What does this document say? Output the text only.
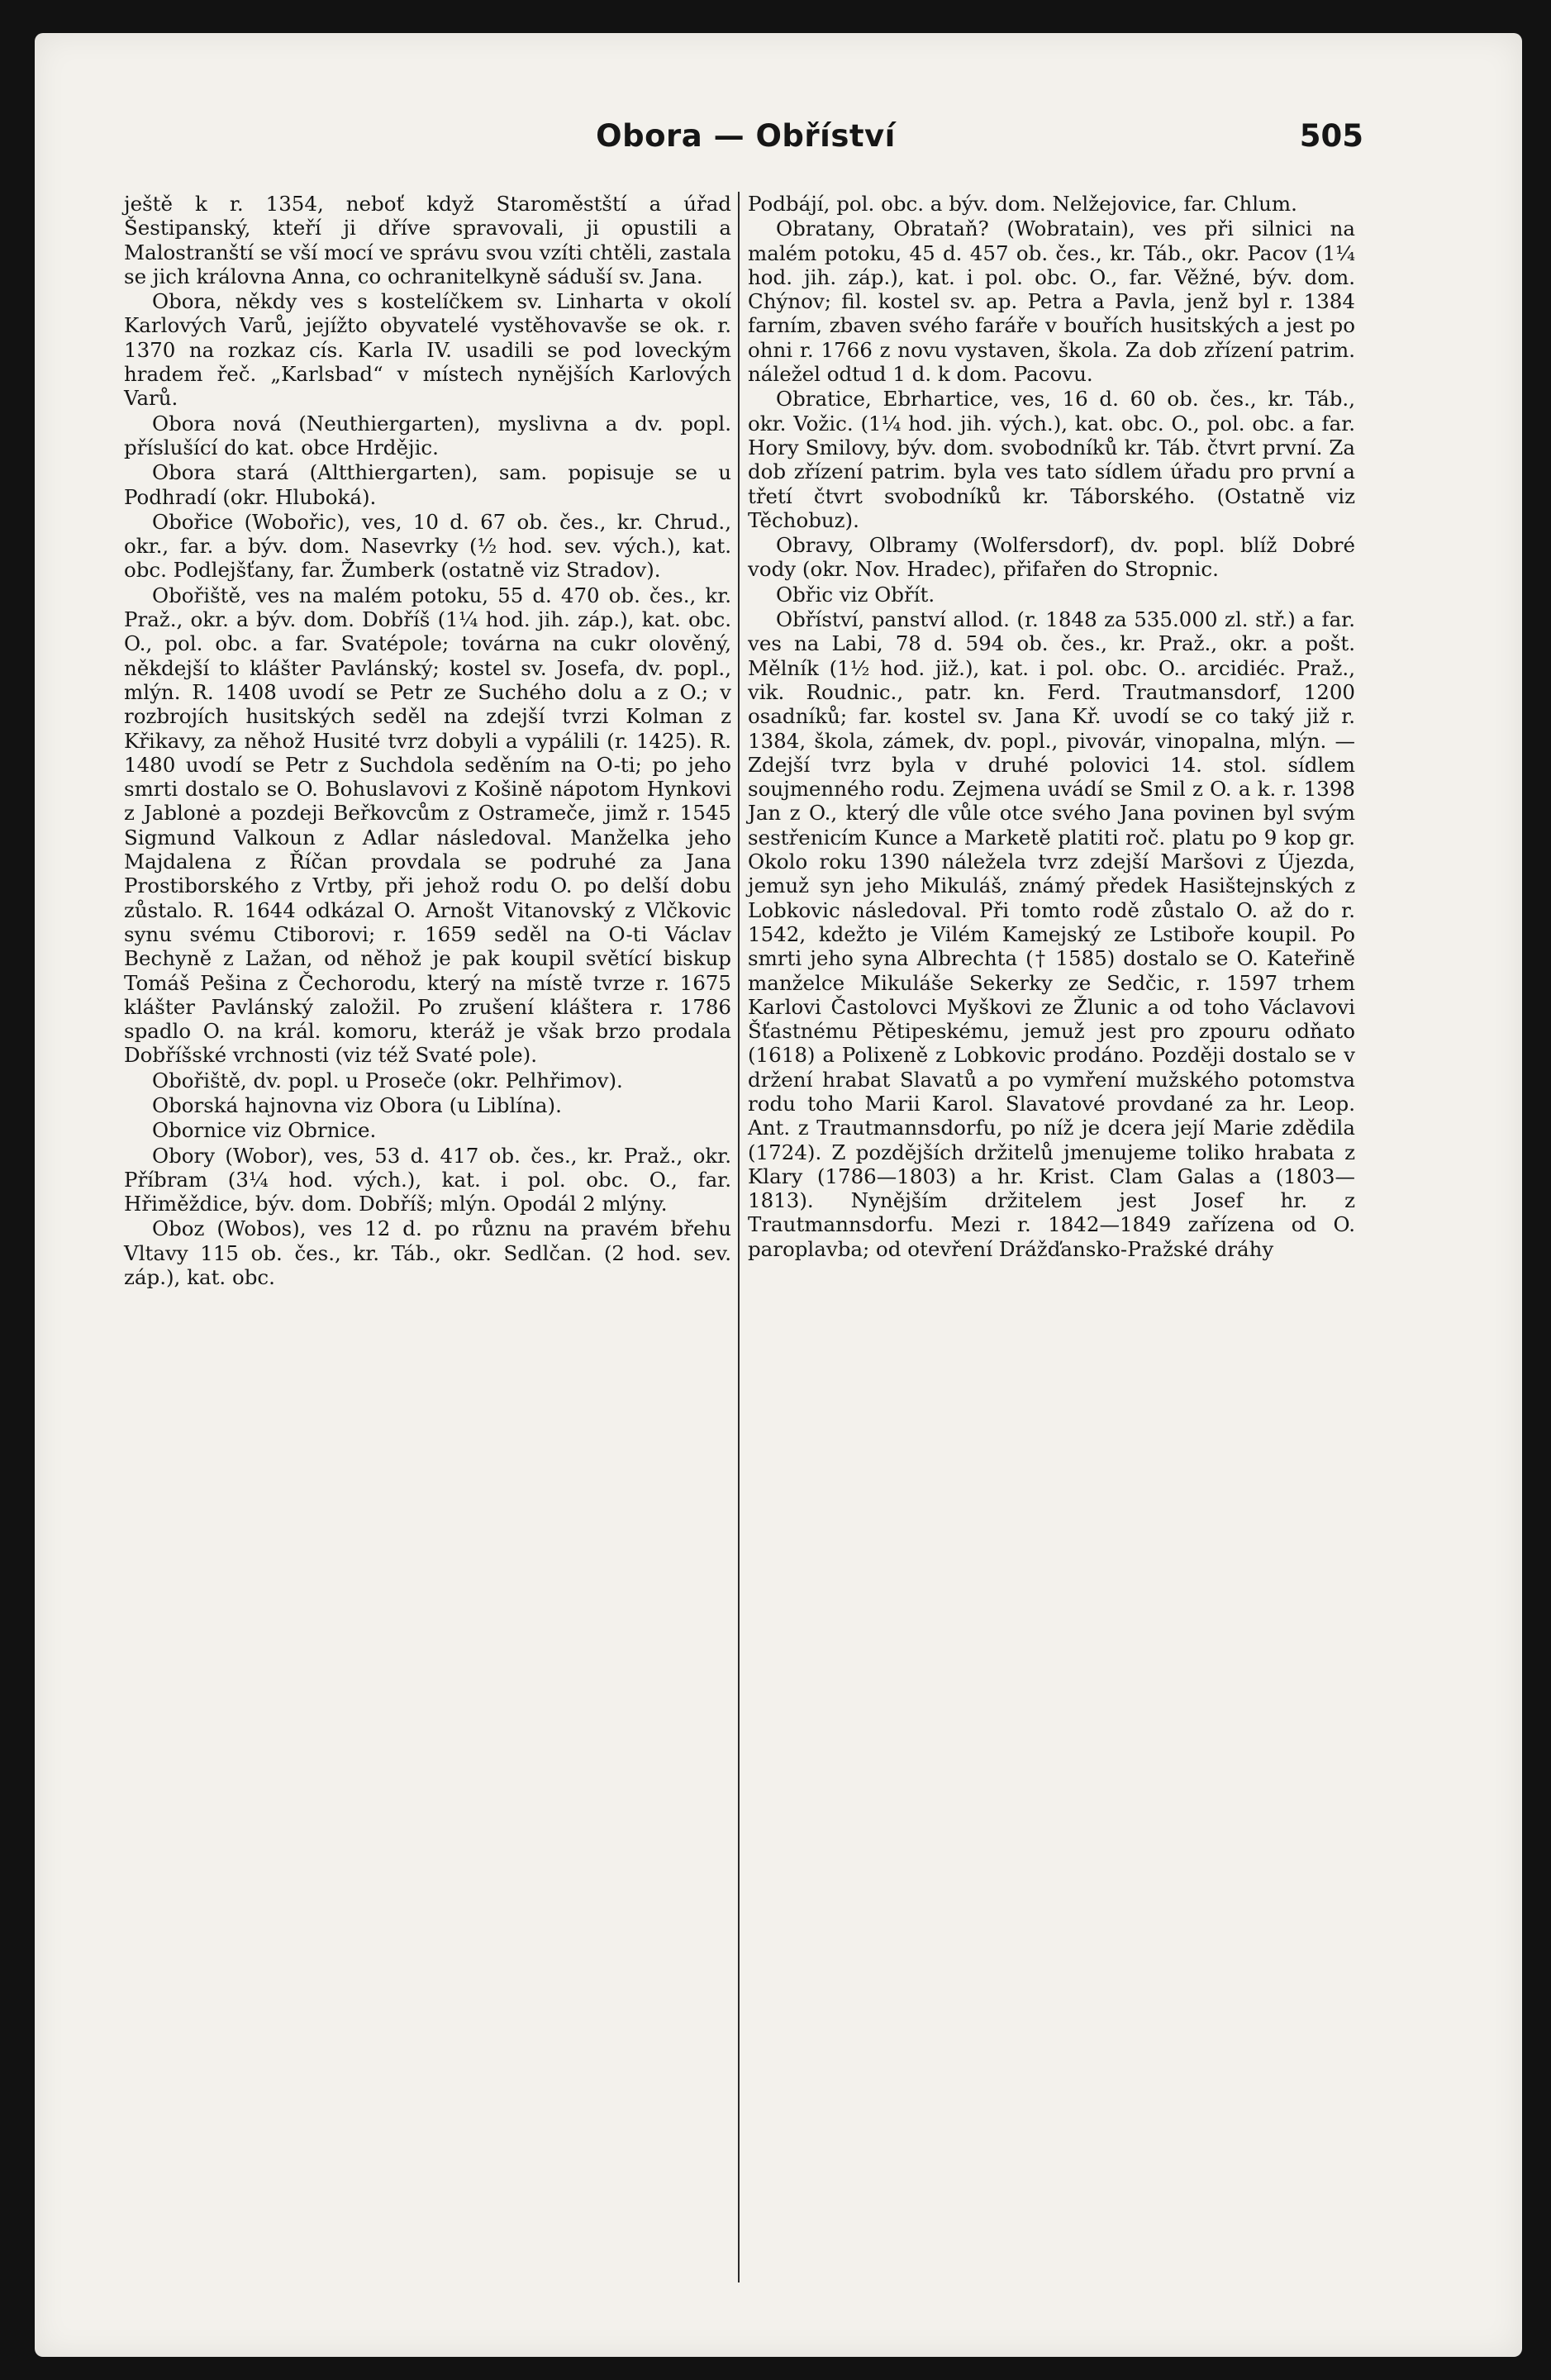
Obora — Obříství	505

ještě k r. 1354, neboť když Staroměstští a úřad Šestipanský, kteří ji dříve spravovali, ji opustili a Malostranští se vší mocí ve správu svou vzíti chtěli, zastala se jich královna Anna, co ochranitelkyně sáduší sv. Jana.

Obora, někdy ves s kostelíčkem sv. Linharta v okolí Karlových Varů, jejížto obyvatelé vystěhovavše se ok. r. 1370 na rozkaz cís. Karla IV. usadili se pod loveckým hradem řeč. „Karlsbad“ v místech nynějších Karlových Varů.

Obora nová (Neuthiergarten), myslivna a dv. popl. příslušící do kat. obce Hrdějic.

Obora stará (Altthiergarten), sam. popisuje se u Podhradí (okr. Hluboká).

Obořice (Wobořic), ves, 10 d. 67 ob. čes., kr. Chrud., okr., far. a býv. dom. Nasevrky (½ hod. sev. vých.), kat. obc. Podlejšťany, far. Žumberk (ostatně viz Stradov).

Obořiště, ves na malém potoku, 55 d. 470 ob. čes., kr. Praž., okr. a býv. dom. Dobříš (1¼ hod. jih. záp.), kat. obc. O., pol. obc. a far. Svatépole; továrna na cukr olověný, někdejší to klášter Pavlánský; kostel sv. Josefa, dv. popl., mlýn. R. 1408 uvodí se Petr ze Suchého dolu a z O.; v rozbrojích husitských seděl na zdejší tvrzi Kolman z Křikavy, za něhož Husité tvrz dobyli a vypálili (r. 1425). R. 1480 uvodí se Petr z Suchdola seděním na O-ti; po jeho smrti dostalo se O. Bohuslavovi z Košině nápotom Hynkovi z Jablonė a pozdeji Beřkovcům z Ostrameče, jimž r. 1545 Sigmund Valkoun z Adlar následoval. Manželka jeho Majdalena z Říčan provdala se podruhé za Jana Prostiborského z Vrtby, při jehož rodu O. po delší dobu zůstalo. R. 1644 odkázal O. Arnošt Vitanovský z Vlčkovic synu svému Ctiborovi; r. 1659 seděl na O-ti Václav Bechyně z Lažan, od něhož je pak koupil světící biskup Tomáš Pešina z Čechorodu, který na místě tvrze r. 1675 klášter Pavlánský založil. Po zrušení kláštera r. 1786 spadlo O. na král. komoru, kteráž je však brzo prodala Dobříšské vrchnosti (viz též Svaté pole).

Obořiště, dv. popl. u Proseče (okr. Pelhřimov).

Oborská hajnovna viz Obora (u Liblína).

Obornice viz Obrnice.

Obory (Wobor), ves, 53 d. 417 ob. čes., kr. Praž., okr. Příbram (3¼ hod. vých.), kat. i pol. obc. O., far. Hřiměždice, býv. dom. Dobříš; mlýn. Opodál 2 mlýny.

Oboz (Wobos), ves 12 d. po různu na pravém břehu Vltavy 115 ob. čes., kr. Táb., okr. Sedlčan. (2 hod. sev. záp.), kat. obc.

Podbájí, pol. obc. a býv. dom. Nelžejovice, far. Chlum.

Obratany, Obrataň? (Wobratain), ves při silnici na malém potoku, 45 d. 457 ob. čes., kr. Táb., okr. Pacov (1¼ hod. jih. záp.), kat. i pol. obc. O., far. Věžné, býv. dom. Chýnov; fil. kostel sv. ap. Petra a Pavla, jenž byl r. 1384 farním, zbaven svého faráře v bouřích husitských a jest po ohni r. 1766 z novu vystaven, škola. Za dob zřízení patrim. náležel odtud 1 d. k dom. Pacovu.

Obratice, Ebrhartice, ves, 16 d. 60 ob. čes., kr. Táb., okr. Vožic. (1¼ hod. jih. vých.), kat. obc. O., pol. obc. a far. Hory Smilovy, býv. dom. svobodníků kr. Táb. čtvrt první. Za dob zřízení patrim. byla ves tato sídlem úřadu pro první a třetí čtvrt svobodníků kr. Táborského. (Ostatně viz Těchobuz).

Obravy, Olbramy (Wolfersdorf), dv. popl. blíž Dobré vody (okr. Nov. Hradec), přifařen do Stropnic.

Obřic viz Obřít.

Obříství, panství allod. (r. 1848 za 535.000 zl. stř.) a far. ves na Labi, 78 d. 594 ob. čes., kr. Praž., okr. a pošt. Mělník (1½ hod. již.), kat. i pol. obc. O.. arcidiéc. Praž., vik. Roudnic., patr. kn. Ferd. Trautmansdorf, 1200 osadníků; far. kostel sv. Jana Kř. uvodí se co taký již r. 1384, škola, zámek, dv. popl., pivovár, vinopalna, mlýn. — Zdejší tvrz byla v druhé polovici 14. stol. sídlem soujmenného rodu. Zejmena uvádí se Smil z O. a k. r. 1398 Jan z O., který dle vůle otce svého Jana povinen byl svým sestřenicím Kunce a Marketě platiti roč. platu po 9 kop gr. Okolo roku 1390 náležela tvrz zdejší Maršovi z Újezda, jemuž syn jeho Mikuláš, známý předek Hasištejnských z Lobkovic následoval. Při tomto rodě zůstalo O. až do r. 1542, kdežto je Vilém Kamejský ze Lstiboře koupil. Po smrti jeho syna Albrechta († 1585) dostalo se O. Kateřině manželce Mikuláše Sekerky ze Sedčic, r. 1597 trhem Karlovi Častolovci Myškovi ze Žlunic a od toho Václavovi Šťastnému Pětipeskému, jemuž jest pro zpouru odňato (1618) a Polixeně z Lobkovic prodáno. Později dostalo se v držení hrabat Slavatů a po vymření mužského potomstva rodu toho Marii Karol. Slavatové provdané za hr. Leop. Ant. z Trautmannsdorfu, po níž je dcera její Marie zdědila (1724). Z pozdějších držitelů jmenujeme toliko hrabata z Klary (1786—1803) a hr. Krist. Clam Galas a (1803—1813). Nynějším držitelem jest Josef hr. z Trautmannsdorfu. Mezi r. 1842—1849 zařízena od O. paroplavba; od otevření Drážďansko-Pražské dráhy
